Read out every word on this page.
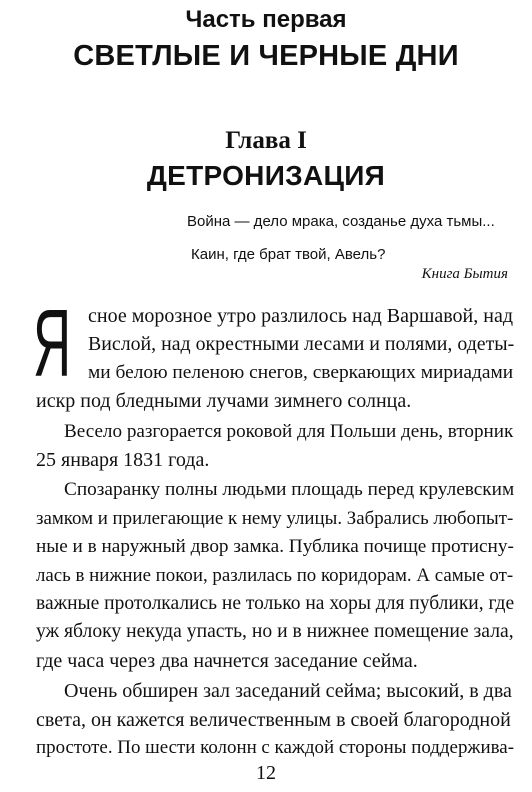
Часть первая
СВЕТЛЫЕ И ЧЕРНЫЕ ДНИ
Глава I
ДЕТРОНИЗАЦИЯ
Война — дело мрака, созданье духа тьмы...
Каин, где брат твой, Авель?
Книга Бытия
Я сное морозное утро разлилось над Варшавой, над
Вислой, над окрестными лесами и полями, одеты-
ми белою пеленою снегов, сверкающих мириадами
искр под бледными лучами зимнего солнца.
Весело разгорается роковой для Польши день, вторник
25 января 1831 года.
Спозаранку полны людьми площадь перед крулевским
замком и прилегающие к нему улицы. Забрались любопыт-
ные и в наружный двор замка. Публика почище протисну-
лась в нижние покои, разлилась по коридорам. А самые от-
важные протолкались не только на хоры для публики, где
уж яблоку некуда упасть, но и в нижнее помещение зала,
где часа через два начнется заседание сейма.
Очень обширен зал заседаний сейма; высокий, в два
света, он кажется величественным в своей благородной
простоте. По шести колонн с каждой стороны поддержива-
12
